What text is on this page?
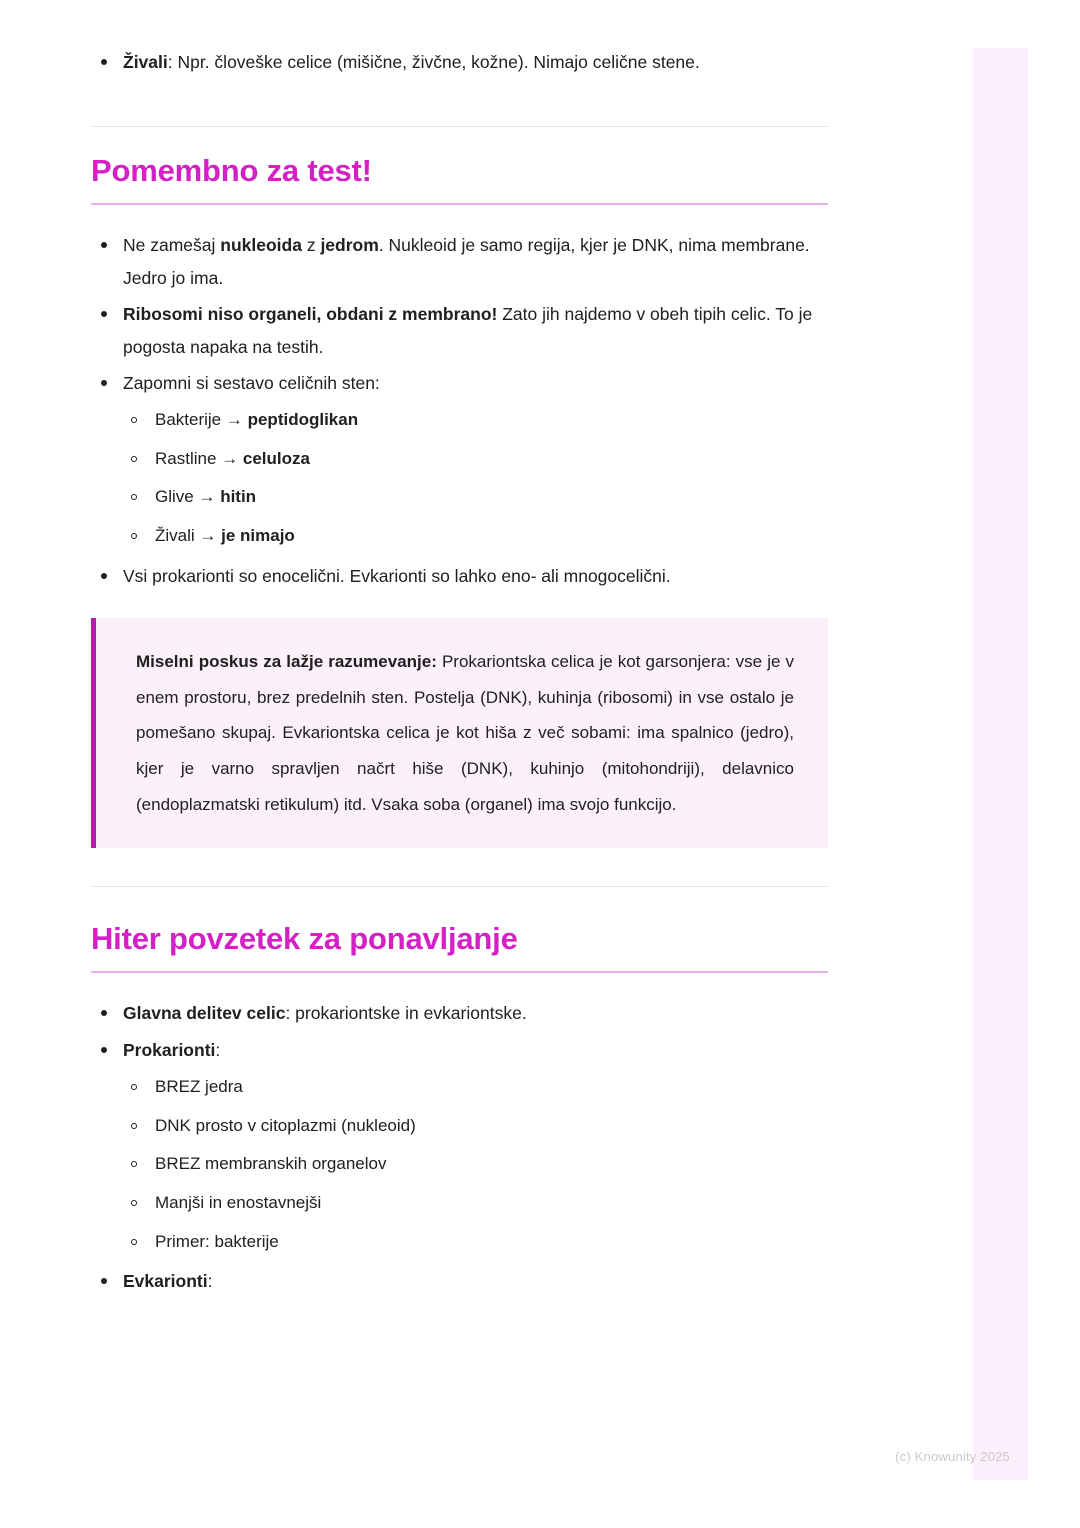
Živali: Npr. človeške celice (mišične, živčne, kožne). Nimajo celične stene.
Pomembno za test!
Ne zamešaj nukleoida z jedrom. Nukleoid je samo regija, kjer je DNK, nima membrane. Jedro jo ima.
Ribosomi niso organeli, obdani z membrano! Zato jih najdemo v obeh tipih celic. To je pogosta napaka na testih.
Zapomni si sestavo celičnih sten:
Bakterije → peptidoglikan
Rastline → celuloza
Glive → hitin
Živali → je nimajo
Vsi prokarionti so enocelični. Evkarionti so lahko eno- ali mnogocelični.
Miselni poskus za lažje razumevanje: Prokariontska celica je kot garsonjera: vse je v enem prostoru, brez predelnih sten. Postelja (DNK), kuhinja (ribosomi) in vse ostalo je pomešano skupaj. Evkariontska celica je kot hiša z več sobami: ima spalnico (jedro), kjer je varno spravljen načrt hiše (DNK), kuhinjo (mitohondriji), delavnico (endoplazmatski retikulum) itd. Vsaka soba (organel) ima svojo funkcijo.
Hiter povzetek za ponavljanje
Glavna delitev celic: prokariontske in evkariontske.
Prokarionti:
BREZ jedra
DNK prosto v citoplazmi (nukleoid)
BREZ membranskih organelov
Manjši in enostavnejši
Primer: bakterije
Evkarionti:
(c) Knowunity 2025
